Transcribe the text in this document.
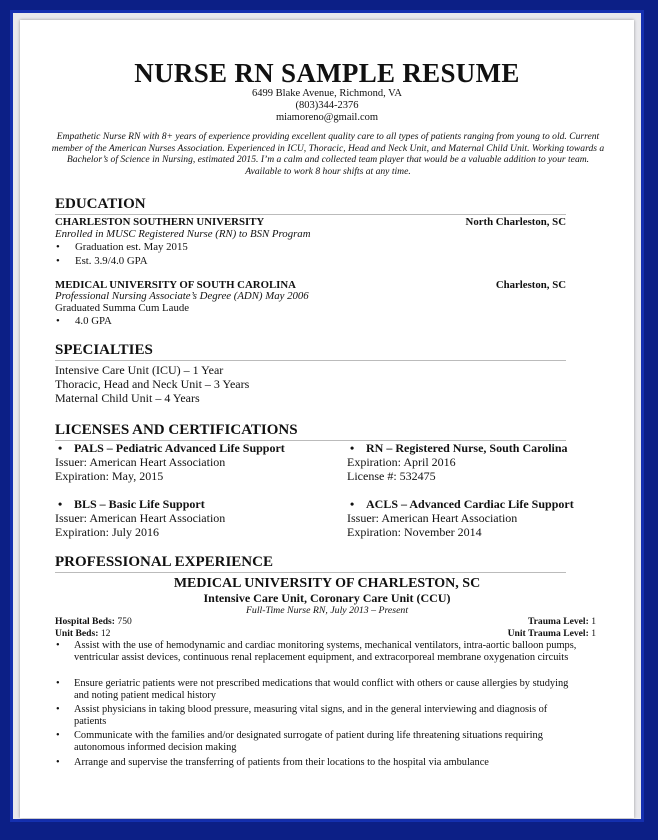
NURSE RN SAMPLE RESUME
6499 Blake Avenue, Richmond, VA
(803)344-2376
miamoreno@gmail.com
Empathetic Nurse RN with 8+ years of experience providing excellent quality care to all types of patients ranging from young to old. Current member of the American Nurses Association. Experienced in ICU, Thoracic, Head and Neck Unit, and Maternal Child Unit. Working towards a Bachelor’s of Science in Nursing, estimated 2015. I’m a calm and collected team player that would be a valuable addition to your team. Available to work 8 hour shifts at any time.
EDUCATION
CHARLESTON SOUTHERN UNIVERSITY	North Charleston, SC
Enrolled in MUSC Registered Nurse (RN) to BSN Program
• Graduation est. May 2015
• Est. 3.9/4.0 GPA
MEDICAL UNIVERSITY OF SOUTH CAROLINA	Charleston, SC
Professional Nursing Associate’s Degree (ADN) May 2006
Graduated Summa Cum Laude
• 4.0 GPA
SPECIALTIES
Intensive Care Unit (ICU) – 1 Year
Thoracic, Head and Neck Unit – 3 Years
Maternal Child Unit – 4 Years
LICENSES AND CERTIFICATIONS
• PALS – Pediatric Advanced Life Support
Issuer: American Heart Association
Expiration: May, 2015
• RN – Registered Nurse, South Carolina
Expiration: April 2016
License #: 532475
• BLS – Basic Life Support
Issuer: American Heart Association
Expiration: July 2016
• ACLS – Advanced Cardiac Life Support
Issuer: American Heart Association
Expiration: November 2014
PROFESSIONAL EXPERIENCE
MEDICAL UNIVERSITY OF CHARLESTON, SC
Intensive Care Unit, Coronary Care Unit (CCU)
Full-Time Nurse RN, July 2013 – Present
Hospital Beds: 750
Unit Beds: 12
Trauma Level: 1
Unit Trauma Level: 1
• Assist with the use of hemodynamic and cardiac monitoring systems, mechanical ventilators, intra-aortic balloon pumps, ventricular assist devices, continuous renal replacement equipment, and extracorporeal membrane oxygenation circuits
• Ensure geriatric patients were not prescribed medications that would conflict with others or cause allergies by studying and noting patient medical history
• Assist physicians in taking blood pressure, measuring vital signs, and in the general interviewing and diagnosis of patients
• Communicate with the families and/or designated surrogate of patient during life threatening situations requiring autonomous informed decision making
• Arrange and supervise the transferring of patients from their locations to the hospital via ambulance
